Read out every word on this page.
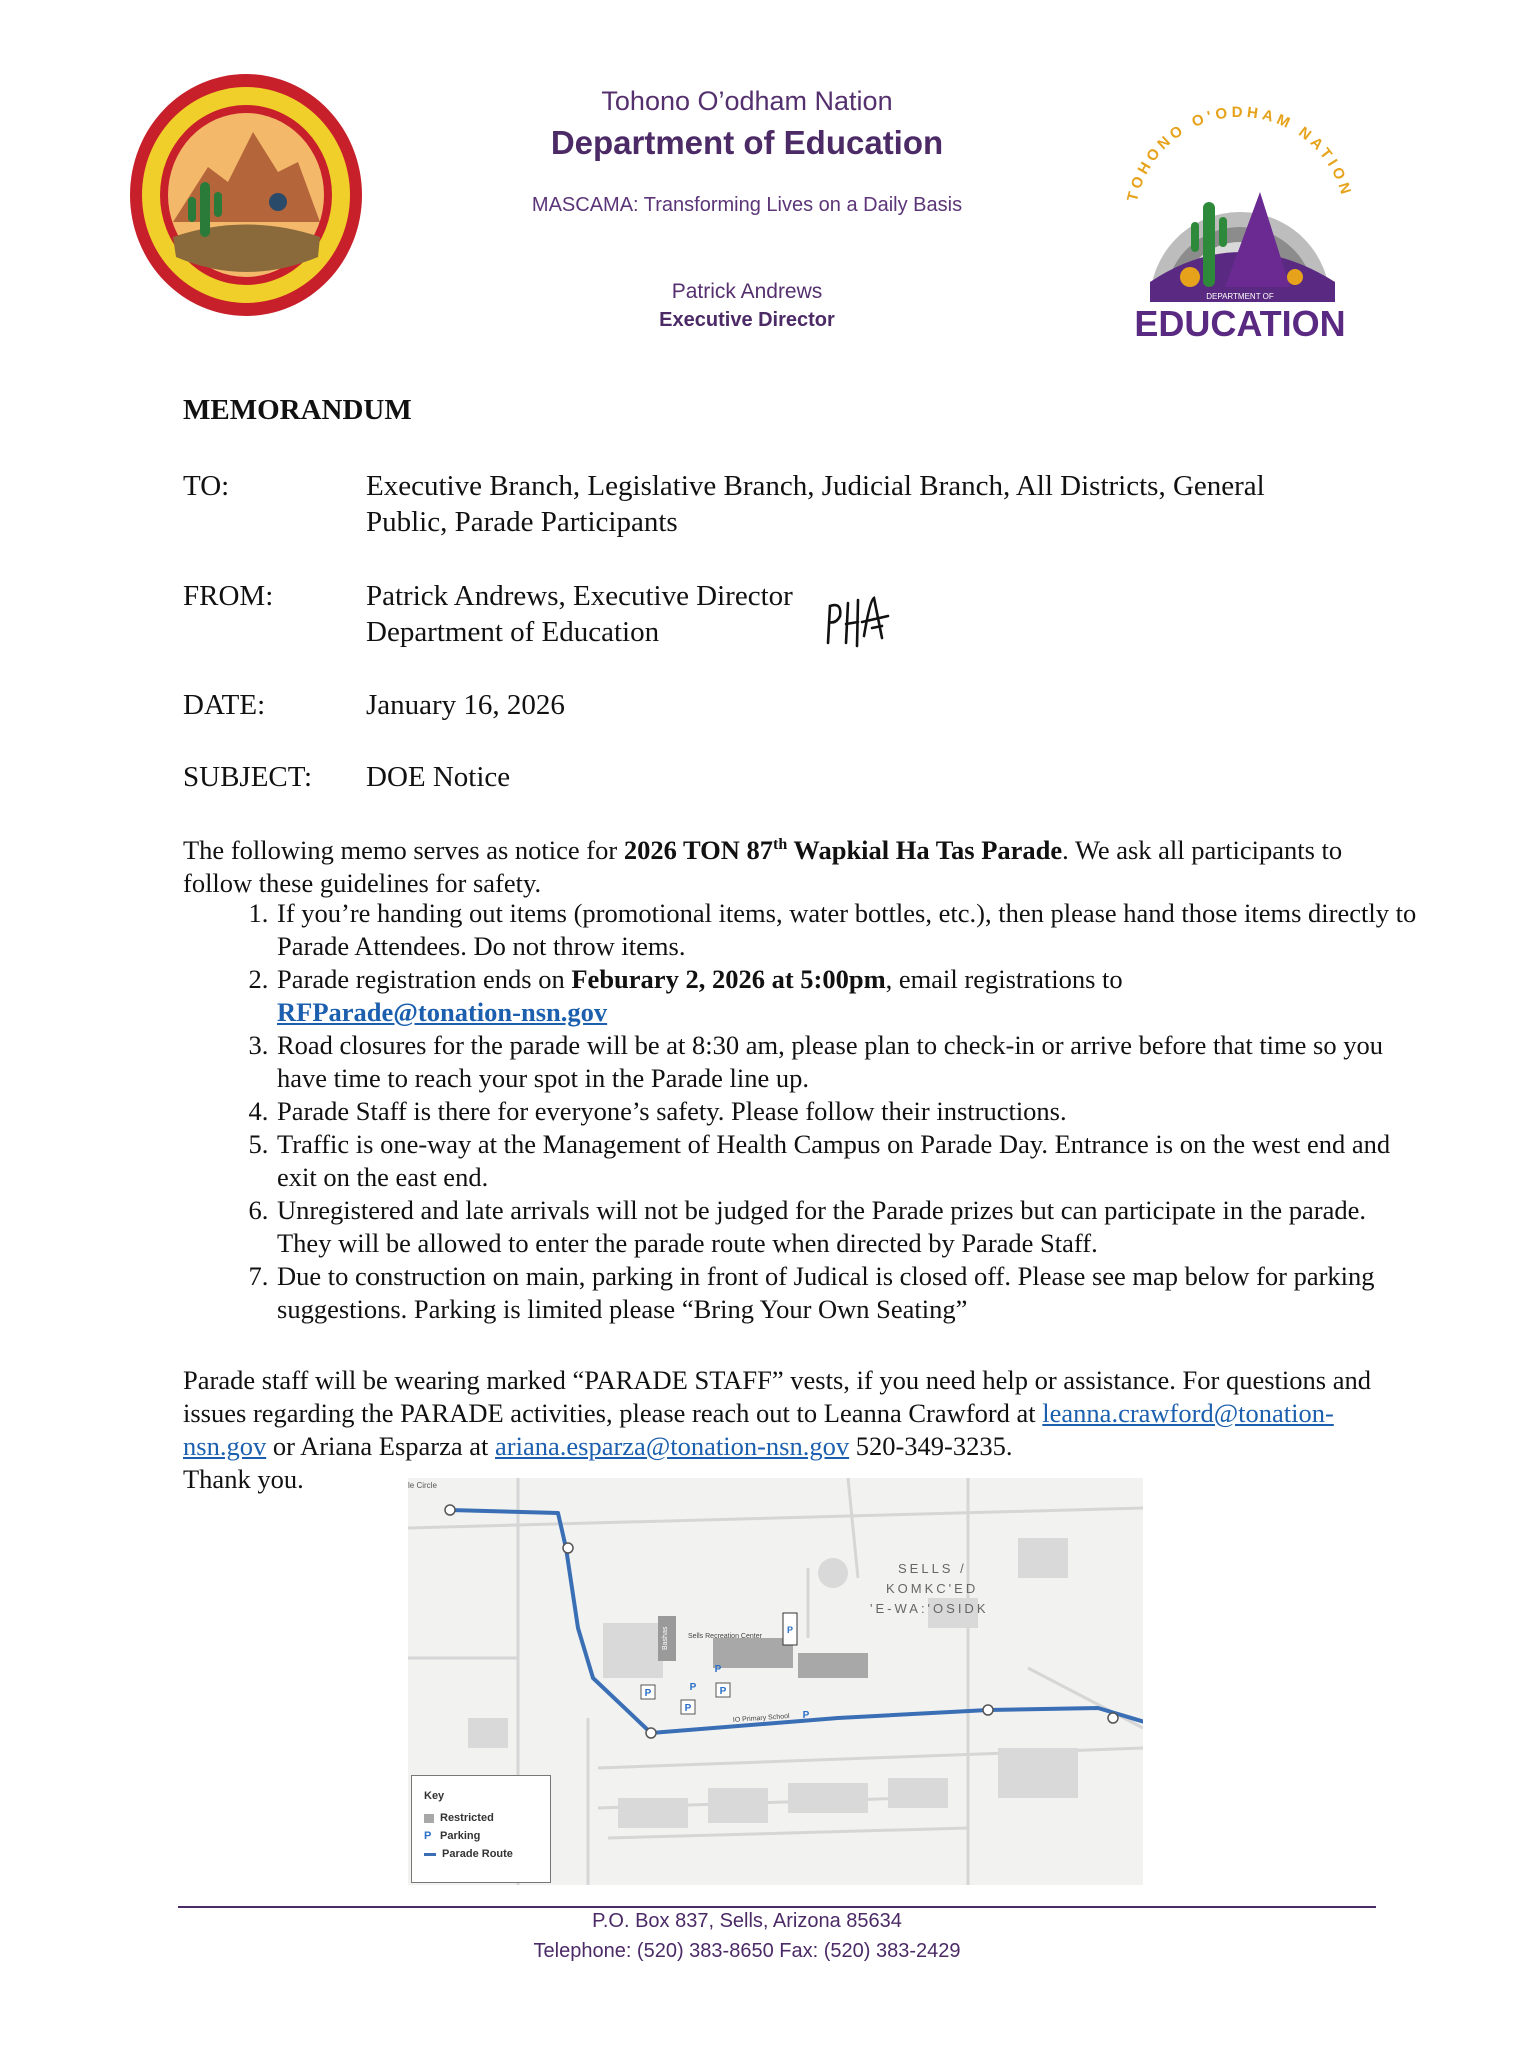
Tohono O’odham Nation
Department of Education
MASCAMA: Transforming Lives on a Daily Basis
Patrick Andrews
Executive Director
TOHONO O'ODHAM NATION
DEPARTMENT OF
EDUCATION
MEMORANDUM
TO:	Executive Branch, Legislative Branch, Judicial Branch, All Districts, General
Public, Parade Participants
FROM:	Patrick Andrews, Executive Director
Department of Education
DATE:	January 16, 2026
SUBJECT: DOE Notice
The following memo serves as notice for 2026 TON 87th Wapkial Ha Tas Parade. We ask all participants to follow these guidelines for safety.
1. If you’re handing out items (promotional items, water bottles, etc.), then please hand those items directly to Parade Attendees. Do not throw items.
2. Parade registration ends on Feburary 2, 2026 at 5:00pm, email registrations to
RFParade@tonation-nsn.gov
3. Road closures for the parade will be at 8:30 am, please plan to check-in or arrive before that time so you have time to reach your spot in the Parade line up.
4. Parade Staff is there for everyone’s safety. Please follow their instructions.
5. Traffic is one-way at the Management of Health Campus on Parade Day. Entrance is on the west end and exit on the east end.
6. Unregistered and late arrivals will not be judged for the Parade prizes but can participate in the parade. They will be allowed to enter the parade route when directed by Parade Staff.
7. Due to construction on main, parking in front of Judical is closed off. Please see map below for parking suggestions. Parking is limited please “Bring Your Own Seating”
Parade staff will be wearing marked “PARADE STAFF” vests, if you need help or assistance. For questions and issues regarding the PARADE activities, please reach out to Leanna Crawford at leanna.crawford@tonation-nsn.gov or Ariana Esparza at ariana.esparza@tonation-nsn.gov 520-349-3235.
Thank you.
Bashas	P
P
P
P
P
P
P
le Circle
Sells Recreation Center
IO Primary School
SELLS /
KOMKC'ED
'E-WA:'OSIDK
Key
Restricted
P Parking
Parade Route
P.O. Box 837, Sells, Arizona 85634
Telephone: (520) 383-8650 Fax: (520) 383-2429
